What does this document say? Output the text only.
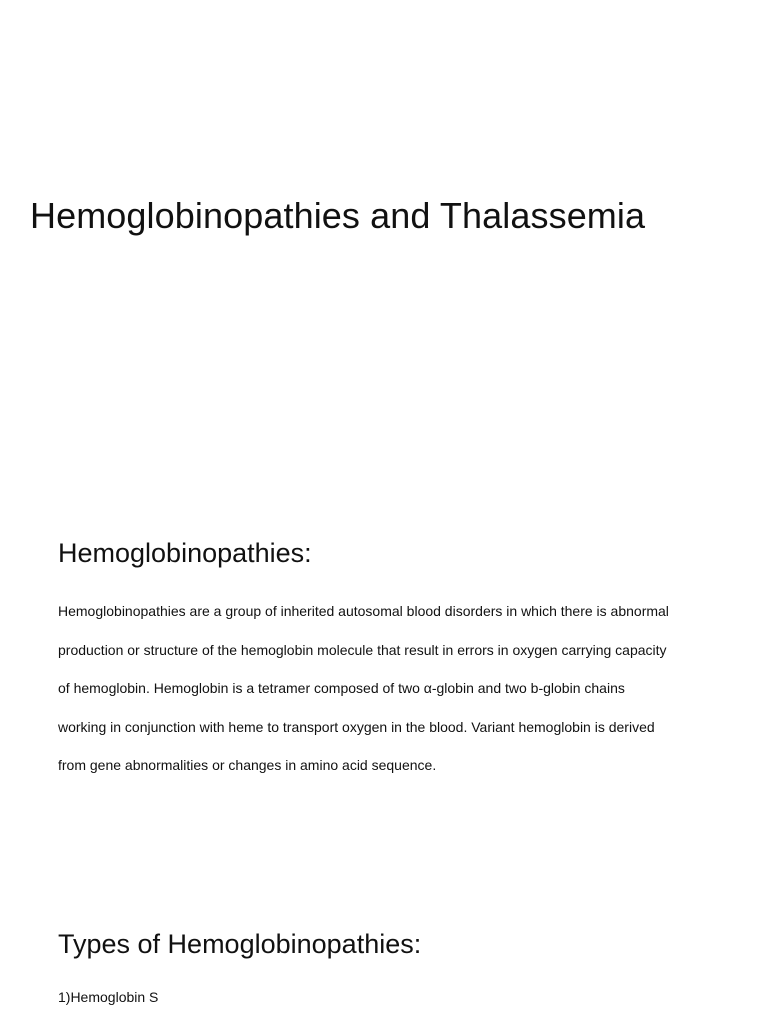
Hemoglobinopathies and Thalassemia
Hemoglobinopathies:

Hemoglobinopathies are a group of inherited autosomal blood disorders in which there is abnormal
production or structure of the hemoglobin molecule that result in errors in oxygen carrying capacity
of hemoglobin. Hemoglobin is a tetramer composed of two α-globin and two b-globin chains
working in conjunction with heme to transport oxygen in the blood. Variant hemoglobin is derived
from gene abnormalities or changes in amino acid sequence.

Types of Hemoglobinopathies:

1)Hemoglobin S
